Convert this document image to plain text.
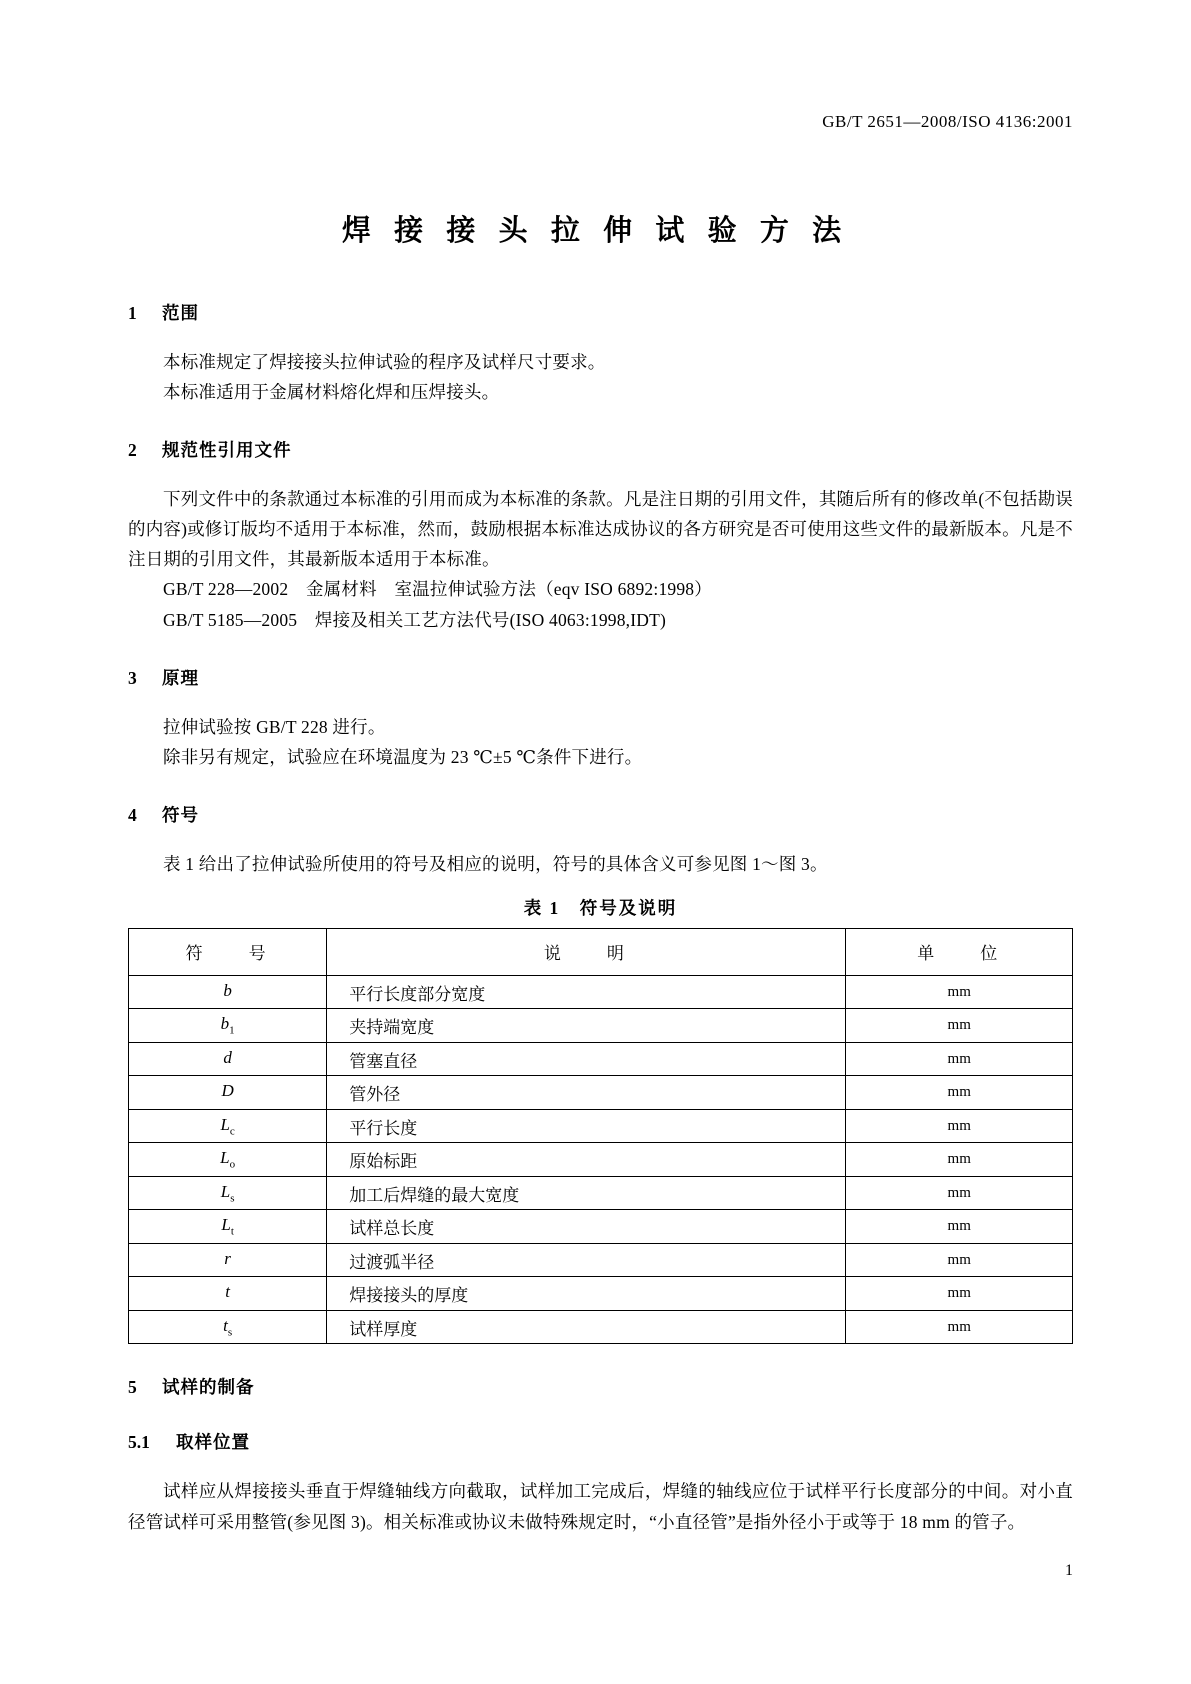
GB/T 2651—2008/ISO 4136:2001
焊 接 接 头 拉 伸 试 验 方 法
1	范围

本标准规定了焊接接头拉伸试验的程序及试样尺寸要求。

本标准适用于金属材料熔化焊和压焊接头。

2	规范性引用文件

下列文件中的条款通过本标准的引用而成为本标准的条款。凡是注日期的引用文件，其随后所有的修改单(不包括勘误的内容)或修订版均不适用于本标准，然而，鼓励根据本标准达成协议的各方研究是否可使用这些文件的最新版本。凡是不注日期的引用文件，其最新版本适用于本标准。

GB/T 228—2002　金属材料　室温拉伸试验方法（eqv ISO 6892:1998）
GB/T 5185—2005　焊接及相关工艺方法代号(ISO 4063:1998,IDT)
3	原理

拉伸试验按 GB/T 228 进行。

除非另有规定，试验应在环境温度为 23 ℃±5 ℃条件下进行。

4	符号

表 1 给出了拉伸试验所使用的符号及相应的说明，符号的具体含义可参见图 1～图 3。

表 1　符号及说明
符　　号	说　　明	单　　位
b	平行长度部分宽度	mm
$b_1$	夹持端宽度	mm
d	管塞直径	mm
D	管外径	mm
$L_c$	平行长度	mm
$L_o$	原始标距	mm
$L_s$	加工后焊缝的最大宽度	mm
$L_t$	试样总长度	mm
r	过渡弧半径	mm
t	焊接接头的厚度	mm
$t_s$	试样厚度	mm
5	试样的制备
5.1	取样位置

试样应从焊接接头垂直于焊缝轴线方向截取，试样加工完成后，焊缝的轴线应位于试样平行长度部分的中间。对小直径管试样可采用整管(参见图 3)。相关标准或协议未做特殊规定时，“小直径管”是指外径小于或等于 18 mm 的管子。

1
